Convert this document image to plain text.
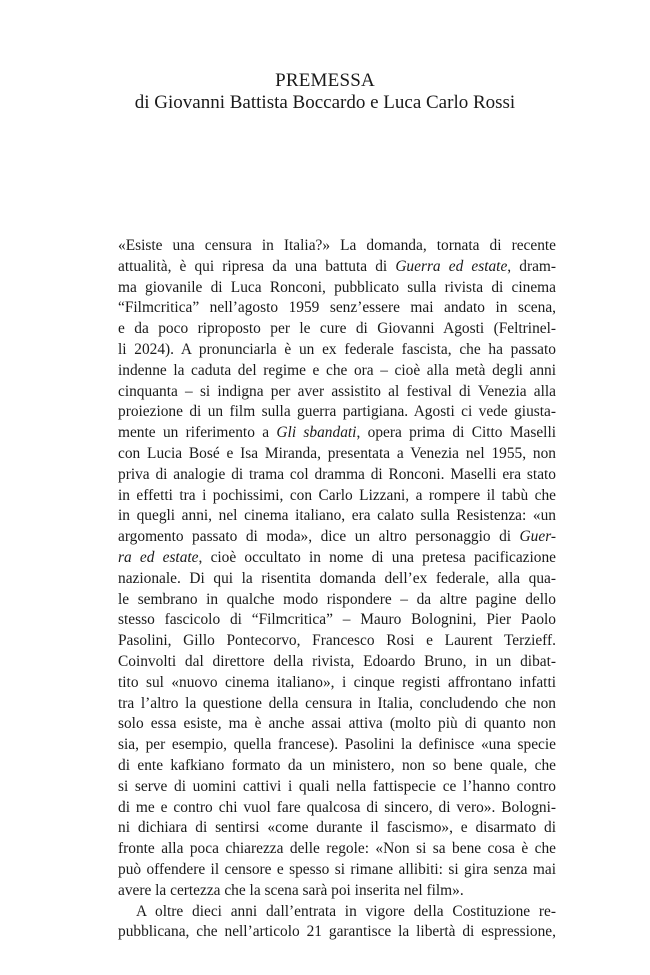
PREMESSA
di Giovanni Battista Boccardo e Luca Carlo Rossi
«Esiste una censura in Italia?» La domanda, tornata di recente
attualità, è qui ripresa da una battuta di Guerra ed estate, dram-
ma giovanile di Luca Ronconi, pubblicato sulla rivista di cinema
“Filmcritica” nell’agosto 1959 senz’essere mai andato in scena,
e da poco riproposto per le cure di Giovanni Agosti (Feltrinel-
li 2024). A pronunciarla è un ex federale fascista, che ha passato
indenne la caduta del regime e che ora – cioè alla metà degli anni
cinquanta – si indigna per aver assistito al festival di Venezia alla
proiezione di un film sulla guerra partigiana. Agosti ci vede giusta-
mente un riferimento a Gli sbandati, opera prima di Citto Maselli
con Lucia Bosé e Isa Miranda, presentata a Venezia nel 1955, non
priva di analogie di trama col dramma di Ronconi. Maselli era stato
in effetti tra i pochissimi, con Carlo Lizzani, a rompere il tabù che
in quegli anni, nel cinema italiano, era calato sulla Resistenza: «un
argomento passato di moda», dice un altro personaggio di Guer-
ra ed estate, cioè occultato in nome di una pretesa pacificazione
nazionale. Di qui la risentita domanda dell’ex federale, alla qua-
le sembrano in qualche modo rispondere – da altre pagine dello
stesso fascicolo di “Filmcritica” – Mauro Bolognini, Pier Paolo
Pasolini, Gillo Pontecorvo, Francesco Rosi e Laurent Terzieff.
Coinvolti dal direttore della rivista, Edoardo Bruno, in un dibat-
tito sul «nuovo cinema italiano», i cinque registi affrontano infatti
tra l’altro la questione della censura in Italia, concludendo che non
solo essa esiste, ma è anche assai attiva (molto più di quanto non
sia, per esempio, quella francese). Pasolini la definisce «una specie
di ente kafkiano formato da un ministero, non so bene quale, che
si serve di uomini cattivi i quali nella fattispecie ce l’hanno contro
di me e contro chi vuol fare qualcosa di sincero, di vero». Bologni-
ni dichiara di sentirsi «come durante il fascismo», e disarmato di
fronte alla poca chiarezza delle regole: «Non si sa bene cosa è che
può offendere il censore e spesso si rimane allibiti: si gira senza mai
avere la certezza che la scena sarà poi inserita nel film».
A oltre dieci anni dall’entrata in vigore della Costituzione re-
pubblicana, che nell’articolo 21 garantisce la libertà di espressione,
